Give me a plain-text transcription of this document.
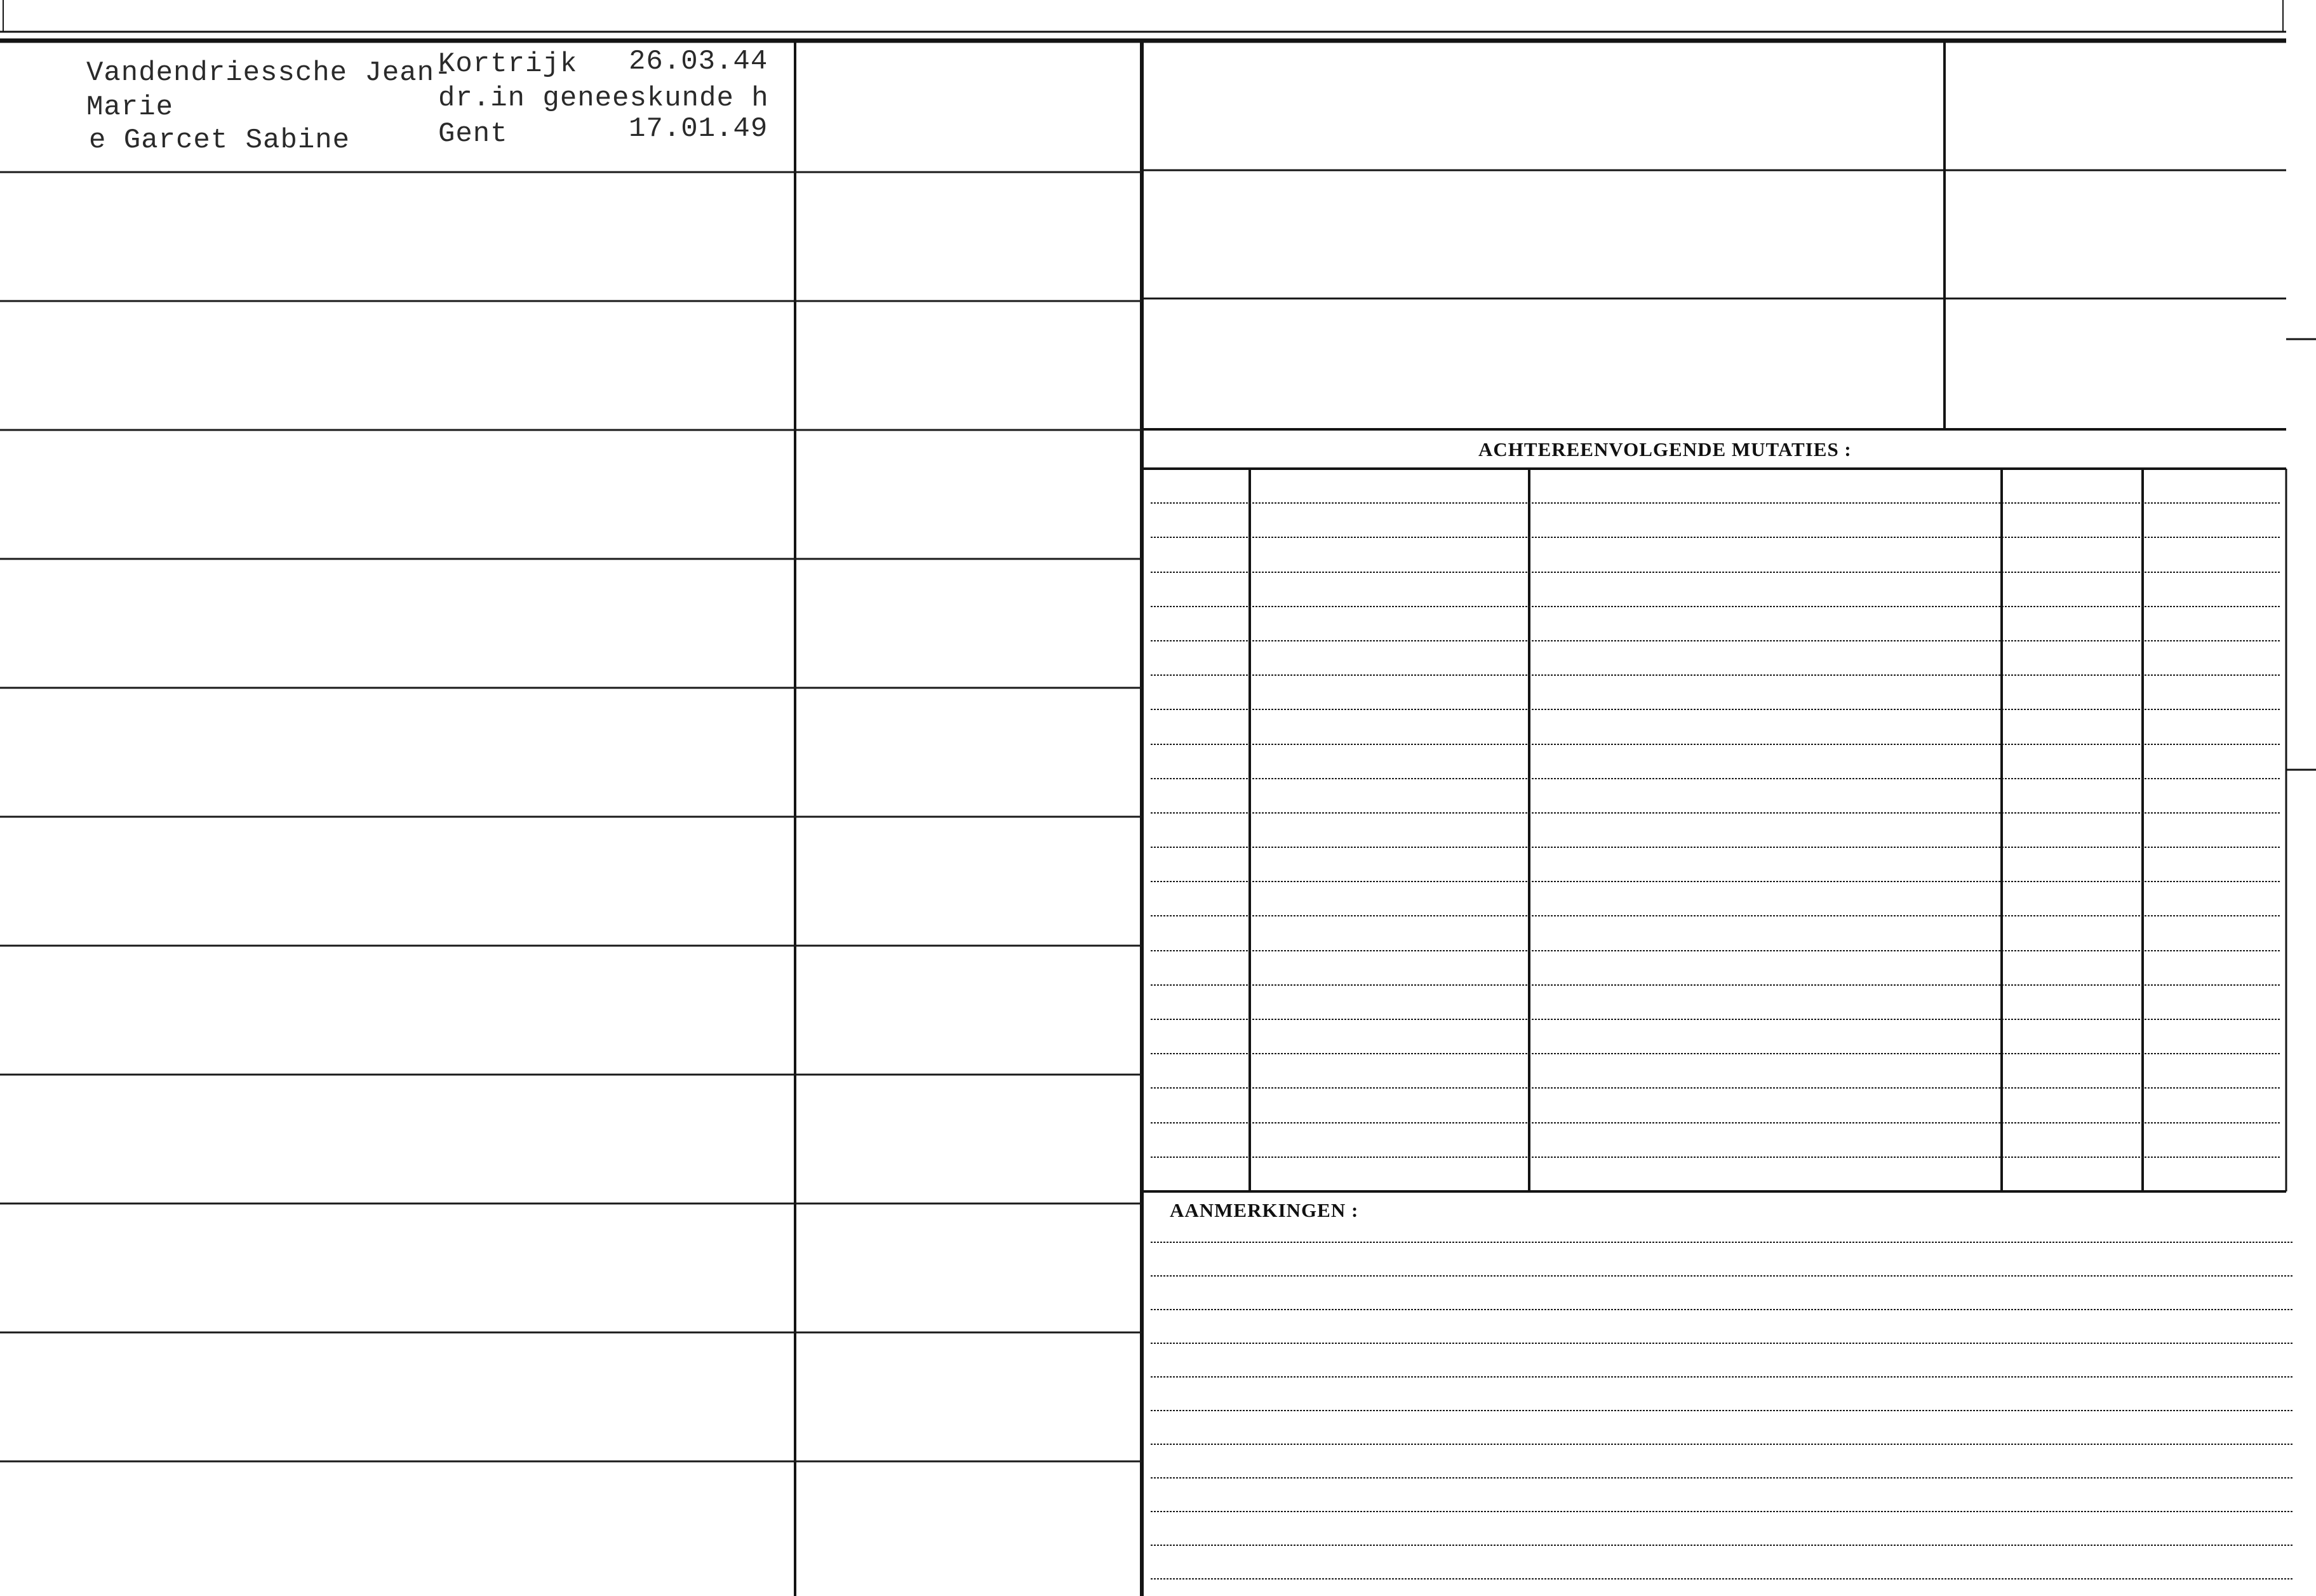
Vandendriessche Jean-
Marie
e Garcet Sabine
Kortrijk 26.03.44
dr.in geneeskunde h
Gent	17.01.49
ACHTEREENVOLGENDE MUTATIES :
AANMERKINGEN :
